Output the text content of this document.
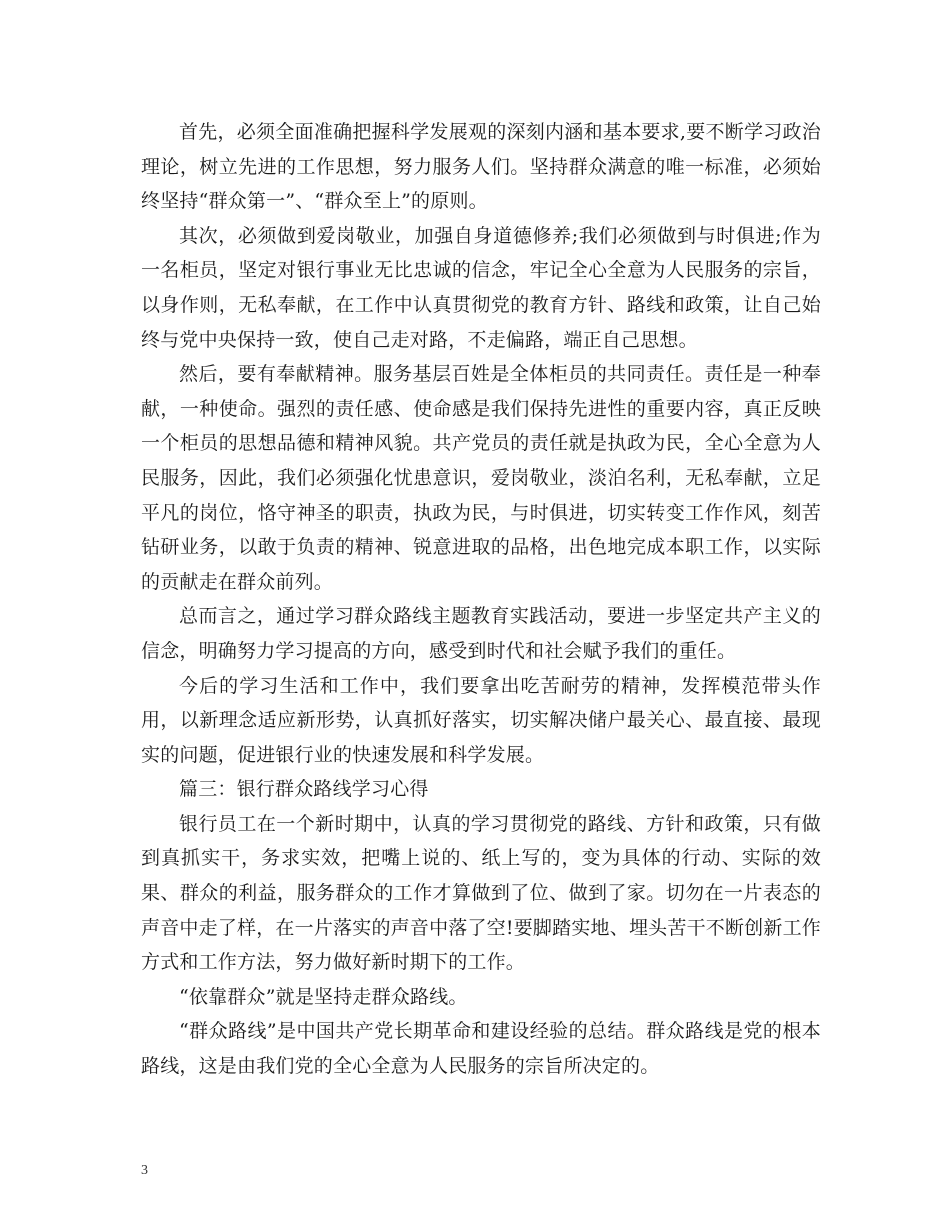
首先，必须全面准确把握科学发展观的深刻内涵和基本要求,要不断学习政治理论，树立先进的工作思想，努力服务人们。坚持群众满意的唯一标准，必须始终坚持“群众第一”、“群众至上”的原则。

其次，必须做到爱岗敬业，加强自身道德修养;我们必须做到与时俱进;作为一名柜员，坚定对银行事业无比忠诚的信念，牢记全心全意为人民服务的宗旨，以身作则，无私奉献，在工作中认真贯彻党的教育方针、路线和政策，让自己始终与党中央保持一致，使自己走对路，不走偏路，端正自己思想。

然后，要有奉献精神。服务基层百姓是全体柜员的共同责任。责任是一种奉献，一种使命。强烈的责任感、使命感是我们保持先进性的重要内容，真正反映一个柜员的思想品德和精神风貌。共产党员的责任就是执政为民，全心全意为人民服务，因此，我们必须强化忧患意识，爱岗敬业，淡泊名利，无私奉献，立足平凡的岗位，恪守神圣的职责，执政为民，与时俱进，切实转变工作作风，刻苦钻研业务，以敢于负责的精神、锐意进取的品格，出色地完成本职工作，以实际的贡献走在群众前列。

总而言之，通过学习群众路线主题教育实践活动，要进一步坚定共产主义的信念，明确努力学习提高的方向，感受到时代和社会赋予我们的重任。

今后的学习生活和工作中，我们要拿出吃苦耐劳的精神，发挥模范带头作用，以新理念适应新形势，认真抓好落实，切实解决储户最关心、最直接、最现实的问题，促进银行业的快速发展和科学发展。

篇三：银行群众路线学习心得

银行员工在一个新时期中，认真的学习贯彻党的路线、方针和政策，只有做到真抓实干，务求实效，把嘴上说的、纸上写的，变为具体的行动、实际的效果、群众的利益，服务群众的工作才算做到了位、做到了家。切勿在一片表态的声音中走了样，在一片落实的声音中落了空!要脚踏实地、埋头苦干不断创新工作方式和工作方法，努力做好新时期下的工作。

“依靠群众”就是坚持走群众路线。

“群众路线”是中国共产党长期革命和建设经验的总结。群众路线是党的根本路线，这是由我们党的全心全意为人民服务的宗旨所决定的。

3
